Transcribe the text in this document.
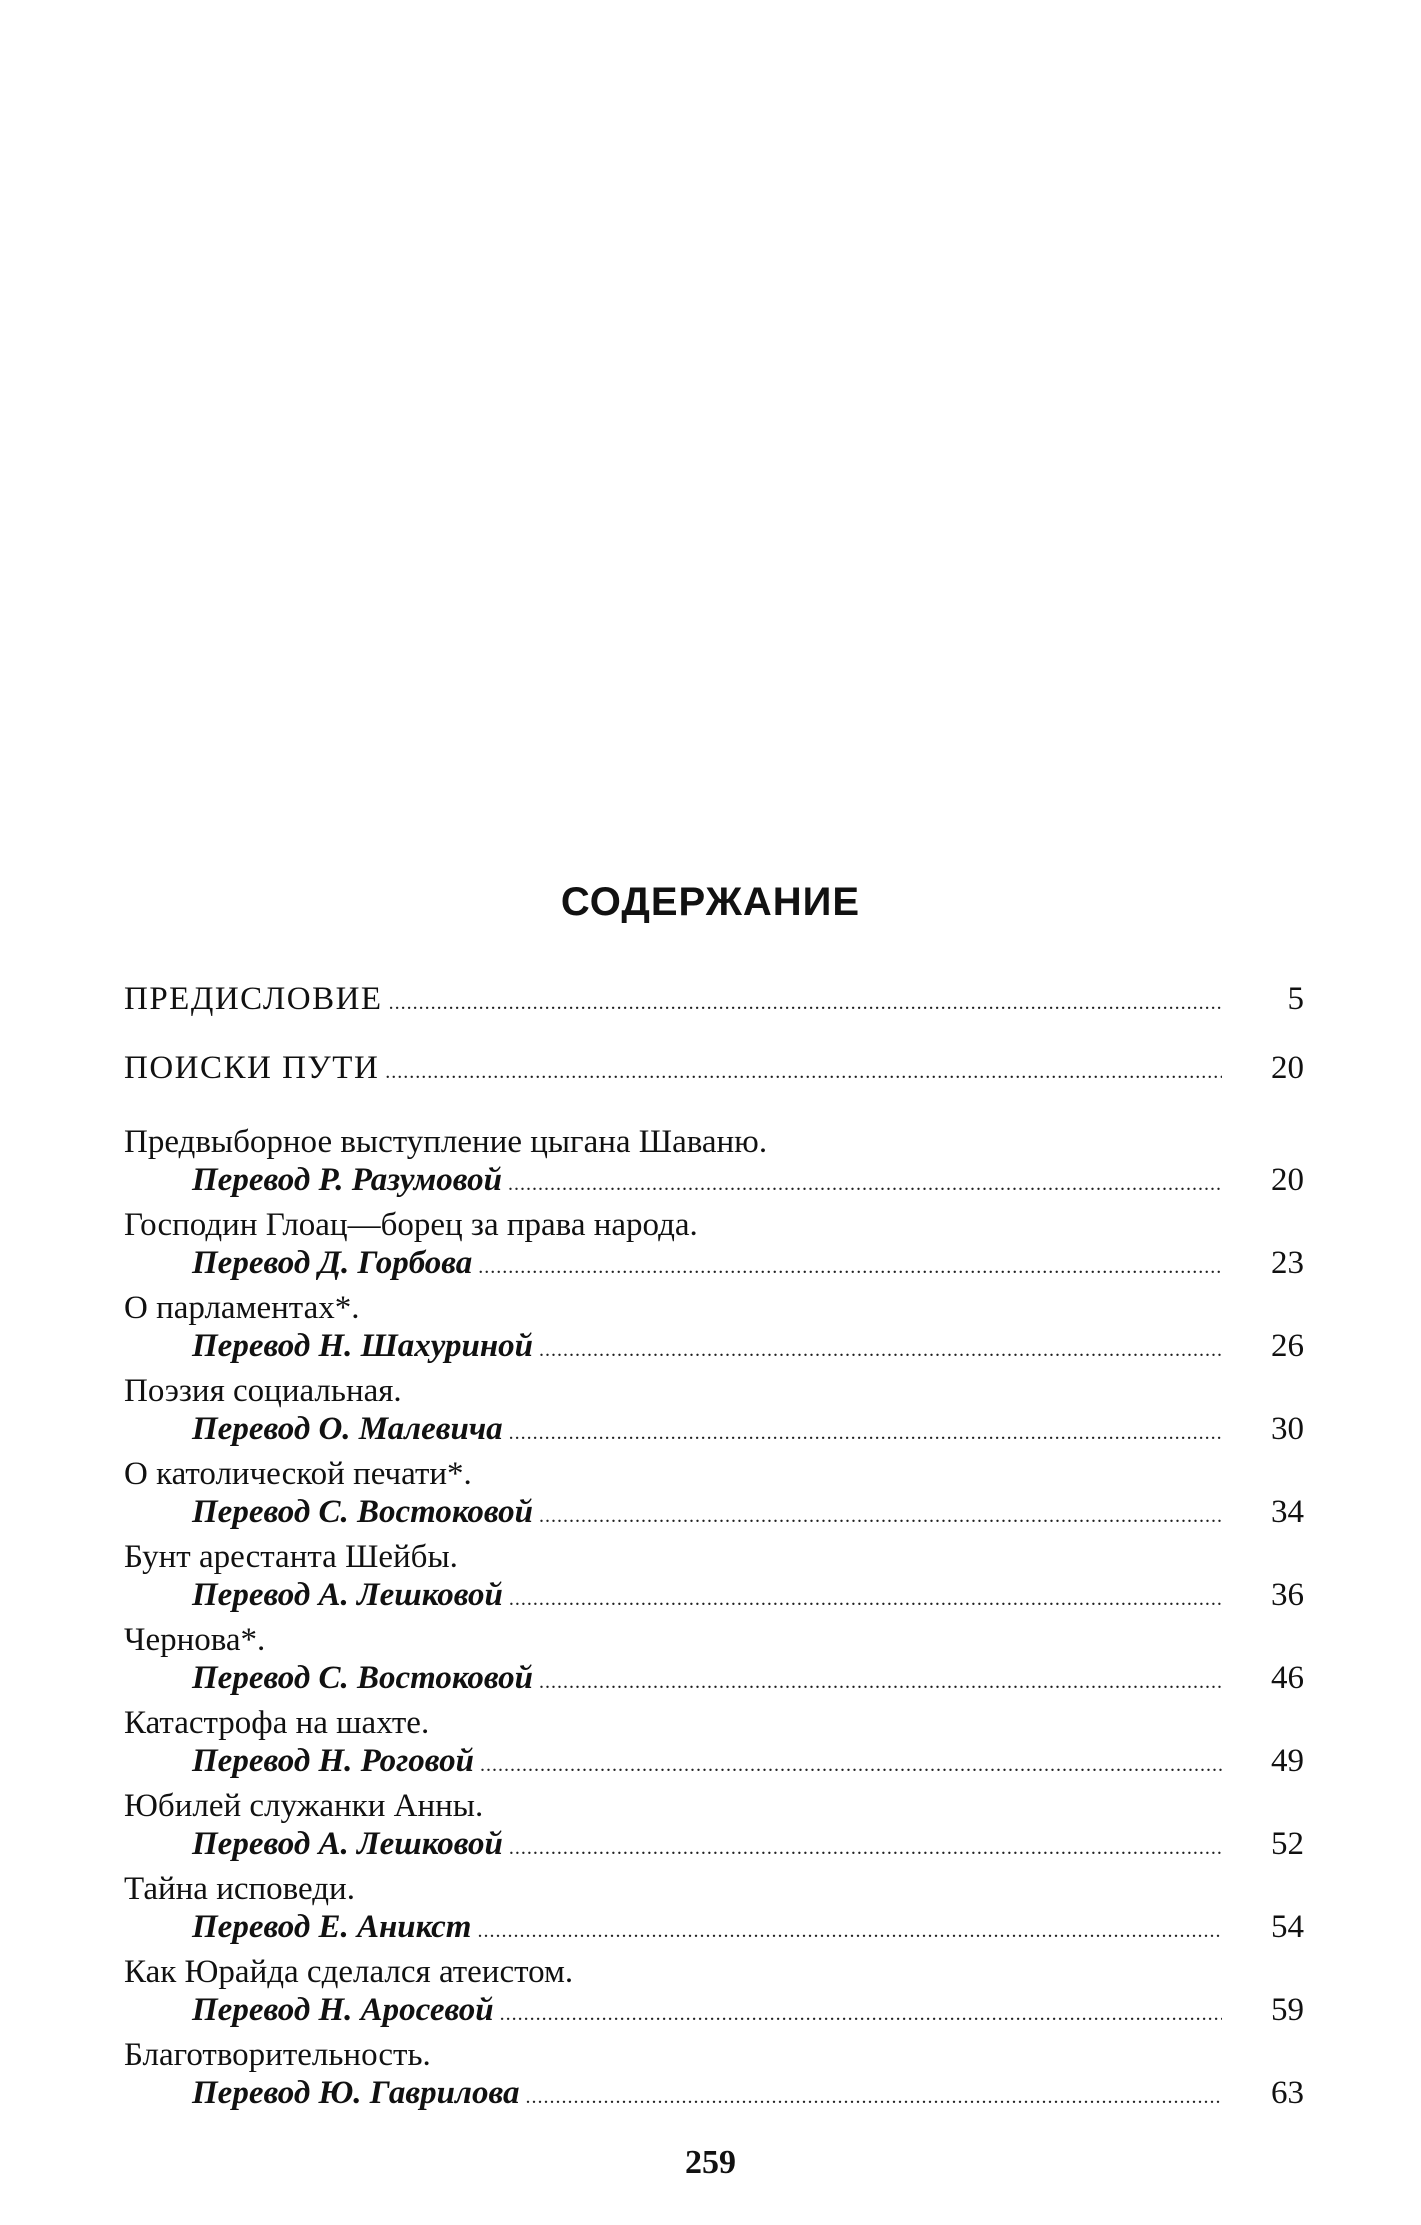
СОДЕРЖАНИЕ
ПРЕДИСЛОВИЕ .....	5
ПОИСКИ ПУТИ .....	20
Предвыборное выступление цыгана Шаваню.
Перевод Р. Разумовой .....	20
Господин Глоац—борец за права народа.
Перевод Д. Горбова .....	23
О парламентах*.
Перевод Н. Шахуриной .....	26
Поэзия социальная.
Перевод О. Малевича .....	30
О католической печати*.
Перевод С. Востоковой .....	34
Бунт арестанта Шейбы.
Перевод А. Лешковой .....	36
Чернова*.
Перевод С. Востоковой .....	46
Катастрофа на шахте.
Перевод Н. Роговой .....	49
Юбилей служанки Анны.
Перевод А. Лешковой .....	52
Тайна исповеди.
Перевод Е. Аникст .....	54
Как Юрайда сделался атеистом.
Перевод Н. Аросевой .....	59
Благотворительность.
Перевод Ю. Гаврилова .....	63
259
